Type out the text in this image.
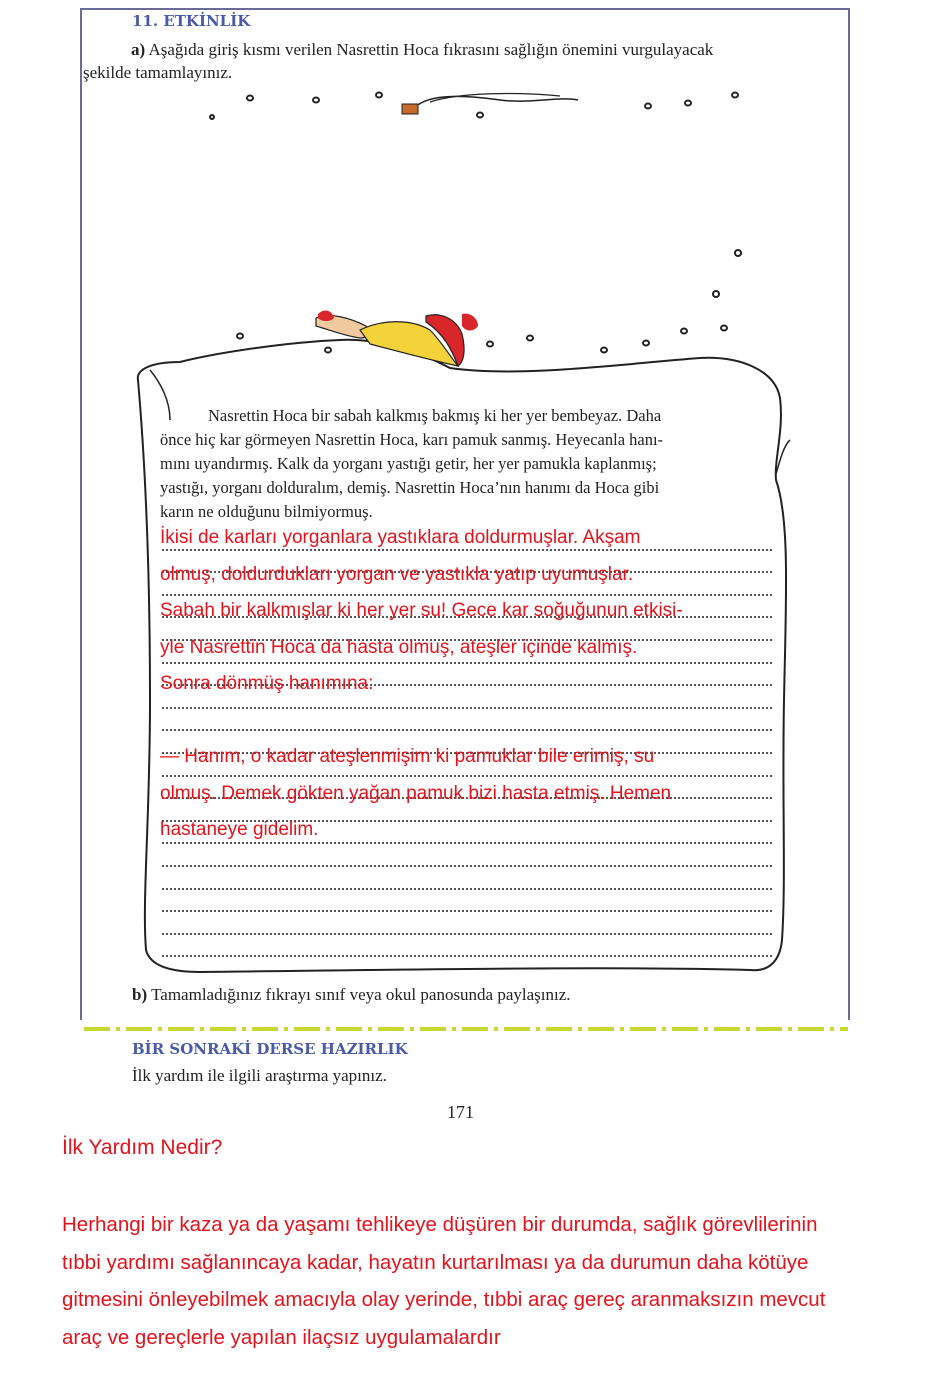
11. ETKİNLİK
a) Aşağıda giriş kısmı verilen Nasrettin Hoca fıkrasını sağlığın önemini vurgulayacak
şekilde tamamlayınız.
Nasrettin Hoca bir sabah kalkmış bakmış ki her yer bembeyaz. Daha
önce hiç kar görmeyen Nasrettin Hoca, karı pamuk sanmış. Heyecanla hanı-
mını uyandırmış. Kalk da yorganı yastığı getir, her yer pamukla kaplanmış;
yastığı, yorganı dolduralım, demiş. Nasrettin Hoca’nın hanımı da Hoca gibi
karın ne olduğunu bilmiyormuş.

İkisi de karları yorganlara yastıklara doldurmuşlar. Akşam

olmuş, doldurdukları yorgan ve yastıkla yatıp uyumuşlar.

Sabah bir kalkmışlar ki her yer su! Gece kar soğuğunun etkisi-

yle Nasrettin Hoca da hasta olmuş, ateşler içinde kalmış.

Sonra dönmüş hanımına:

— Hanım, o kadar ateşlenmişim ki pamuklar bile erimiş, su

olmuş. Demek gökten yağan pamuk bizi hasta etmiş. Hemen

hastaneye gidelim.

b) Tamamladığınız fıkrayı sınıf veya okul panosunda paylaşınız.
BİR SONRAKİ DERSE HAZIRLIK
İlk yardım ile ilgili araştırma yapınız.
171
İlk Yardım Nedir?
Herhangi bir kaza ya da yaşamı tehlikeye düşüren bir durumda, sağlık görevlilerinin
tıbbi yardımı sağlanıncaya kadar, hayatın kurtarılması ya da durumun daha kötüye
gitmesini önleyebilmek amacıyla olay yerinde, tıbbi araç gereç aranmaksızın mevcut
araç ve gereçlerle yapılan ilaçsız uygulamalardır
